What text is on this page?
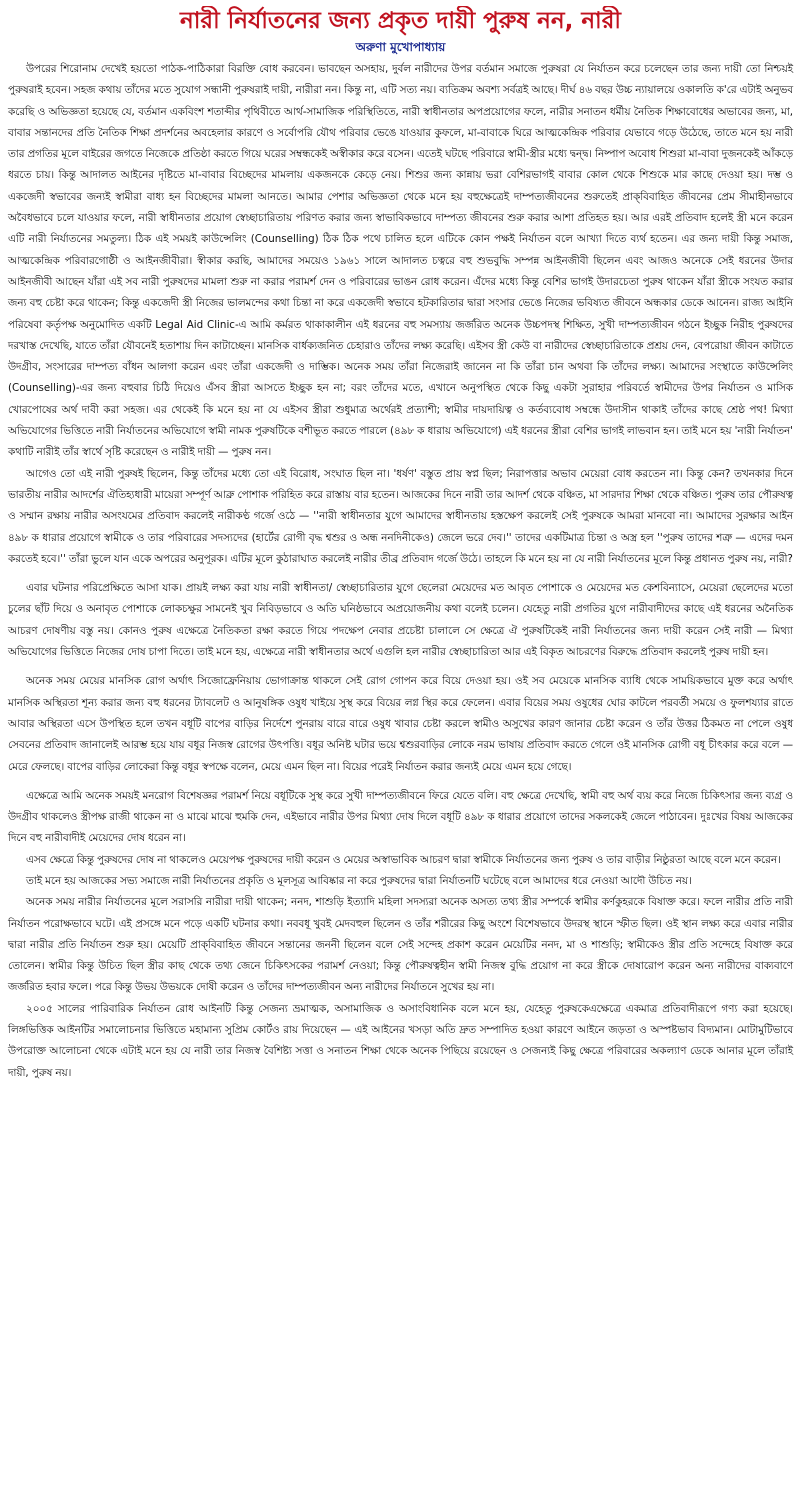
নারী নির্যাতনের জন্য প্রকৃত দায়ী পুরুষ নন, নারী
অরুণা মুখোপাধ্যায়

উপরের শিরোনাম দেখেই হয়তো পাঠক-পাঠিকারা বিরক্তি বোধ করবেন। ভাবছেন অসহায়, দুর্বল নারীদের উপর বর্তমান সমাজে পুরুষরা যে নির্যাতন করে চলেছেন তার জন্য দায়ী তো নিশ্চয়ই পুরুষরাই হবেন। সহজ কথায় তাঁদের মতে সুযোগ সন্ধানী পুরুষরাই দায়ী, নারীরা নন। কিন্তু না, এটি সত্য নয়। ব্যতিক্রম অবশ্য সর্বত্রই আছে। দীর্ঘ ৪৬ বছর উচ্চ ন্যায়ালয়ে ওকালতি ক'রে এটাই অনুভব করেছি ও অভিজ্ঞতা হয়েছে যে, বর্তমান একবিংশ শতাব্দীর পৃথিবীতে আর্থ-সামাজিক পরিস্থিতিতে, নারী স্বাধীনতার অপপ্রয়োগের ফলে, নারীর সনাতন ধর্মীয় নৈতিক শিক্ষাবোধের অভাবের জন্য, মা, বাবার সন্তানদের প্রতি নৈতিক শিক্ষা প্রদর্শনের অবহেলার কারণে ও সর্বোপরি যৌথ পরিবার ভেঙে যাওয়ার কুফলে, মা-বাবাকে ঘিরে আত্মকেন্দ্রিক পরিবার যেভাবে গড়ে উঠেছে, তাতে মনে হয় নারী তার প্রগতির মূলে বাইরের জগতে নিজেকে প্রতিষ্ঠা করতে গিয়ে ঘরের সম্বন্ধকেই অস্বীকার করে বসেন। এতেই ঘটছে পরিবারে স্বামী-স্ত্রীর মধ্যে দ্বন্দ্ব। নিষ্পাপ অবোধ শিশুরা মা-বাবা দুজনকেই আঁকড়ে ধরতে চায়। কিন্তু আদালত আইনের দৃষ্টিতে মা-বাবার বিচ্ছেদের মামলায় একজনকে কেড়ে নেয়। শিশুর জন্য কান্নায় ভরা বেশিরভাগই বাবার কোল থেকে শিশুকে মার কাছে দেওয়া হয়। দম্ভ ও একজেদী স্বভাবের জন্যই স্বামীরা বাধ্য হন বিচ্ছেদের মামলা আনতে। আমার পেশার অভিজ্ঞতা থেকে মনে হয় বহুক্ষেত্রেই দাম্পত্যজীবনের শুরুতেই প্রাক্‌বিবাহিত জীবনের প্রেম সীমাহীনভাবে অবৈধভাবে চলে যাওয়ার ফলে, নারী স্বাধীনতার প্রয়োগ স্বেচ্ছাচারিতায় পরিণত করার জন্য স্বাভাবিকভাবে দাম্পত্য জীবনের শুরু করার আশা প্রতিহত হয়। আর এরই প্রতিবাদ হলেই স্ত্রী মনে করেন এটি নারী নির্যাতনের সমতুল্য। ঠিক এই সময়ই কাউন্সেলিং (Counselling) ঠিক ঠিক পথে চালিত হলে এটিকে কোন পক্ষই নির্যাতন বলে আখ্যা দিতে ব্যর্থ হতেন। এর জন্য দায়ী কিন্তু সমাজ, আত্মকেন্দ্রিক পরিবারগোষ্ঠী ও আইনজীবীরা। স্বীকার করছি, আমাদের সময়েও ১৯৬১ সালে আদালত চত্বরে বহু শুভবুদ্ধি সম্পন্ন আইনজীবী ছিলেন এবং আজও অনেকে সেই ধরনের উদার আইনজীবী আছেন যাঁরা এই সব নারী পুরুষদের মামলা শুরু না করার পরামর্শ দেন ও পরিবারের ভাঙন রোধ করেন। এঁদের মধ্যে কিন্তু বেশির ভাগই উদারচেতা পুরুষ থাকেন যাঁরা স্ত্রীকে সংযত করার জন্য বহু চেষ্টা করে থাকেন; কিন্তু একজেদী স্ত্রী নিজের ভালমন্দের কথা চিন্তা না করে একজেদী স্বভাবে হটকারিতার দ্বারা সংসার ভেঙে নিজের ভবিষ্যত জীবনে অন্ধকার ডেকে আনেন। রাজ্য আইনি পরিষেবা কর্তৃপক্ষ অনুমোদিত একটি Legal Aid Clinic-এ আমি কর্মরত থাকাকালীন এই ধরনের বহু সমস্যায় জর্জরিত অনেক উচ্চপদস্থ শিক্ষিত, সুখী দাম্পত্যজীবন গঠনে ইচ্ছুক নিরীহ পুরুষদের দরখাস্ত দেখেছি, যাতে তাঁরা যৌবনেই হতাশায় দিন কাটাচ্ছেন। মানসিক বার্ধক্যজনিত চেহারাও তাঁদের লক্ষ্য করেছি। এইসব স্ত্রী কেউ বা নারীদের স্বেচ্ছাচারিতাকে প্রশ্রয় দেন, বেপরোয়া জীবন কাটাতে উদগ্রীব, সংসারের দাম্পত্য বাঁধন আলগা করেন এবং তাঁরা একজেদী ও দাম্ভিক। অনেক সময় তাঁরা নিজেরাই জানেন না কি তাঁরা চান অথবা কি তাঁদের লক্ষ্য। আমাদের সংস্থাতে কাউন্সেলিং (Counselling)-এর জন্য বহুবার চিঠি দিয়েও এঁসব স্ত্রীরা আসতে ইচ্ছুক হন না; বরং তাঁদের মতে, এখানে অনুপস্থিত থেকে কিছু একটা সুরাহার পরিবর্তে স্বামীদের উপর নির্যাতন ও মাসিক খোরপোষের অর্থ দাবী করা সহজ। এর থেকেই কি মনে হয় না যে এইসব স্ত্রীরা শুধুমাত্র অর্থেরই প্রত্যাশী; স্বামীর দায়দায়িত্ব ও কর্তব্যবোধ সম্বন্ধে উদাসীন থাকাই তাঁদের কাছে শ্রেষ্ঠ পথ! মিথ্যা অভিযোগের ভিত্তিতে নারী নির্যাতনের অভিযোগে স্বামী নামক পুরুষটিকে বশীভূত করতে পারলে (৪৯৮ ক ধারায় অভিযোগে) এই ধরনের স্ত্রীরা বেশির ভাগই লাভবান হন। তাই মনে হয় 'নারী নির্যাতন' কথাটি নারীই তাঁর স্বার্থে সৃষ্টি করেছেন ও নারীই দায়ী — পুরুষ নন।

আগেও তো এই নারী পুরুষই ছিলেন, কিন্তু তাঁদের মধ্যে তো এই বিরোধ, সংঘাত ছিল না। 'ধর্ষণ' বস্তুত প্রায় স্বপ্ন ছিল; নিরাপত্তার অভাব মেয়েরা বোধ করতেন না। কিন্তু কেন? তখনকার দিনে ভারতীয় নারীর আদর্শের ঐতিহ্যধারী মায়েরা সম্পূর্ণ আব্রু পোশাক পরিহিত করে রাস্তায় বার হতেন। আজকের দিনে নারী তার আদর্শ থেকে বঞ্চিত, মা সারদার শিক্ষা থেকে বঞ্চিত। পুরুষ তার পৌরুষত্ব ও সম্মান রক্ষায় নারীর অসংযমের প্রতিবাদ করলেই নারীকণ্ঠ গর্জে ওঠে — ''নারী স্বাধীনতার যুগে আমাদের স্বাধীনতায় হস্তক্ষেপ করলেই সেই পুরুষকে আমরা মানবো না। আমাদের সুরক্ষার আইন ৪৯৮ ক ধারার প্রয়োগে স্বামীকে ও তার পরিবারের সদস্যদের (হার্টের রোগী বৃদ্ধ শ্বশুর ও অন্ধ ননদিনীকেও) জেলে ভরে দেব।'' তাদের একটিমাত্র চিন্তা ও অস্ত্র হল ''পুরুষ তাদের শত্রু — এদের দমন করতেই হবে।'' তাঁরা ভুলে যান একে অপরের অনুপূরক। এটির মূলে কুঠারাঘাত করলেই নারীর তীব্র প্রতিবাদ গর্জে উঠে। তাহলে কি মনে হয় না যে নারী নির্যাতনের মূলে কিন্তু প্রধানত পুরুষ নয়, নারী?

এবার ঘটনার পরিপ্রেক্ষিতে আসা যাক। প্রায়ই লক্ষ্য করা যায় নারী স্বাধীনতা/ স্বেচ্ছাচারিতার যুগে ছেলেরা মেয়েদের মত আবৃত পোশাকে ও মেয়েদের মত কেশবিন্যাসে, মেয়েরা ছেলেদের মতো চুলের ছাঁট দিয়ে ও অনাবৃত পোশাকে লোকচক্ষুর সামনেই খুব নিবিড়ভাবে ও অতি ঘনিষ্ঠভাবে অপ্রয়োজনীয় কথা বলেই চলেন। যেহেতু নারী প্রগতির যুগে নারীবাদীদের কাছে এই ধরনের অনৈতিক আচরণ দোষণীয় বস্তু নয়। কোনও পুরুষ এক্ষেত্রে নৈতিকতা রক্ষা করতে গিয়ে পদক্ষেপ নেবার প্রচেষ্টা চালালে সে ক্ষেত্রে ঐ পুরুষটিকেই নারী নির্যাতনের জন্য দায়ী করেন সেই নারী — মিথ্যা অভিযোগের ভিত্তিতে নিজের দোষ চাপা দিতে। তাই মনে হয়, এক্ষেত্রে নারী স্বাধীনতার অর্থে এগুলি হল নারীর স্বেচ্ছাচারিতা আর এই বিকৃত আচরণের বিরুদ্ধে প্রতিবাদ করলেই পুরুষ দায়ী হন।

অনেক সময় মেয়ের মানসিক রোগ অর্থাৎ সিজোফ্রেনিয়ায় ভোগাক্রান্ত থাকলে সেই রোগ গোপন করে বিয়ে দেওয়া হয়। ওই সব মেয়েকে মানসিক ব্যাধি থেকে সাময়িকভাবে মুক্ত করে অর্থাৎ মানসিক অস্থিরতা শূন্য করার জন্য বহু ধরনের ট্যাবলেট ও আনুষঙ্গিক ওষুধ খাইয়ে সুস্থ করে বিয়ের লগ্ন স্থির করে ফেলেন। এবার বিয়ের সময় ওষুধের ঘোর কাটলে পরবর্তী সময়ে ও ফুলশয্যার রাতে আবার অস্থিরতা এসে উপস্থিত হলে তখন বধূটি বাপের বাড়ির নির্দেশে পুনরায় বারে বারে ওষুধ খাবার চেষ্টা করলে স্বামীও অসুখের কারণ জানার চেষ্টা করেন ও তাঁর উত্তর ঠিকমত না পেলে ওষুধ সেবনের প্রতিবাদ জানালেই আরম্ভ হয়ে যায় বধূর নিজস্ব রোগের উৎপত্তি। বধূর অনিষ্ট ঘটার ভয়ে শ্বশুরবাড়ির লোকে নরম ভাষায় প্রতিবাদ করতে গেলে ওই মানসিক রোগী বধূ চীৎকার করে বলে — মেরে ফেলছে। বাপের বাড়ির লোকেরা কিন্তু বধূর স্বপক্ষে বলেন, মেয়ে এমন ছিল না। বিয়ের পরেই নির্যাতন করার জন্যই মেয়ে এমন হয়ে গেছে।

এক্ষেত্রে আমি অনেক সময়ই মনরোগ বিশেষজ্ঞর পরামর্শ নিয়ে বধূটিকে সুস্থ করে সুখী দাম্পত্যজীবনে ফিরে যেতে বলি। বহু ক্ষেত্রে দেখেছি, স্বামী বহু অর্থ ব্যয় করে নিজে চিকিৎসার জন্য ব্যগ্র ও উদগ্রীব থাকলেও স্ত্রীপক্ষ রাজী থাকেন না ও মাঝে মাঝে হুমকি দেন, এইভাবে নারীর উপর মিথ্যা দোষ দিলে বধূটি ৪৯৮ ক ধারার প্রয়োগে তাদের সকলকেই জেলে পাঠাবেন। দুঃখের বিষয় আজকের দিনে বহু নারীবাদীই মেয়েদের দোষ ধরেন না।

এসব ক্ষেত্রে কিন্তু পুরুষদের দোষ না থাকলেও মেয়েপক্ষ পুরুষদের দায়ী করেন ও মেয়ের অস্বাভাবিক আচরণ দ্বারা স্বামীকে নির্যাতনের জন্য পুরুষ ও তার বাড়ীর নিষ্ঠুরতা আছে বলে মনে করেন।

তাই মনে হয় আজকের সভ্য সমাজে নারী নির্যাতনের প্রকৃতি ও মূলসূত্র আবিষ্কার না করে পুরুষদের দ্বারা নির্যাতনটি ঘটেছে বলে আমাদের ধরে নেওয়া আদৌ উচিত নয়।

অনেক সময় নারীর নির্যাতনের মূলে সরাসরি নারীরা দায়ী থাকেন; ননদ, শাশুড়ি ইত্যাদি মহিলা সদস্যরা অনেক অসত্য তথ্য স্ত্রীর সম্পর্কে স্বামীর কর্ণকুহরকে বিষাক্ত করে। ফলে নারীর প্রতি নারী নির্যাতন পরোক্ষভাবে ঘটে। এই প্রসঙ্গে মনে পড়ে একটি ঘটনার কথা। নববধূ খুবই মেদবহুল ছিলেন ও তাঁর শরীরের কিছু অংশে বিশেষভাবে উদরস্থ স্থানে স্ফীত ছিল। ওই স্থান লক্ষ্য করে এবার নারীর দ্বারা নারীর প্রতি নির্যাতন শুরু হয়। মেয়েটি প্রাক্‌বিবাহিত জীবনে সন্তানের জননী ছিলেন বলে সেই সন্দেহ প্রকাশ করেন মেয়েটির ননদ, মা ও শাশুড়ি; স্বামীকেও স্ত্রীর প্রতি সন্দেহে বিষাক্ত করে তোলেন। স্বামীর কিন্তু উচিত ছিল স্ত্রীর কাছ থেকে তথ্য জেনে চিকিৎসকের পরামর্শ নেওয়া; কিন্তু পৌরুষত্বহীন স্বামী নিজস্ব বুদ্ধি প্রয়োগ না করে স্ত্রীকে দোষারোপ করেন অন্য নারীদের বাক্যবাণে জর্জরিত হবার ফলে। পরে কিন্তু উভয় উভয়কে দোষী করেন ও তাঁদের দাম্পত্যজীবন অন্য নারীদের নির্যাতনে সুখের হয় না।

২০০৫ সালের পারিবারিক নির্যাতন রোধ আইনটি কিন্তু সেজন্য ভ্রমাত্মক, অসামাজিক ও অসাংবিধানিক বলে মনে হয়, যেহেতু পুরুষকেএক্ষেত্রে একমাত্র প্রতিবাদীরূপে গণ্য করা হয়েছে। লিঙ্গভিত্তিক আইনটির সমালোচনার ভিত্তিতে মহামান্য সুপ্রিম কোর্টও রায় দিয়েছেন — এই আইনের খসড়া অতি দ্রুত সম্পাদিত হওয়া কারণে আইনে জড়তা ও অস্পষ্টভাব বিদ্যমান। মোটামুটিভাবে উপরোক্ত আলোচনা থেকে এটাই মনে হয় যে নারী তার নিজস্ব বৈশিষ্ট্য সত্তা ও সনাতন শিক্ষা থেকে অনেক পিছিয়ে রয়েছেন ও সেজন্যই কিছু ক্ষেত্রে পরিবারের অকল্যাণ ডেকে আনার মূলে তাঁরাই দায়ী, পুরুষ নয়।
